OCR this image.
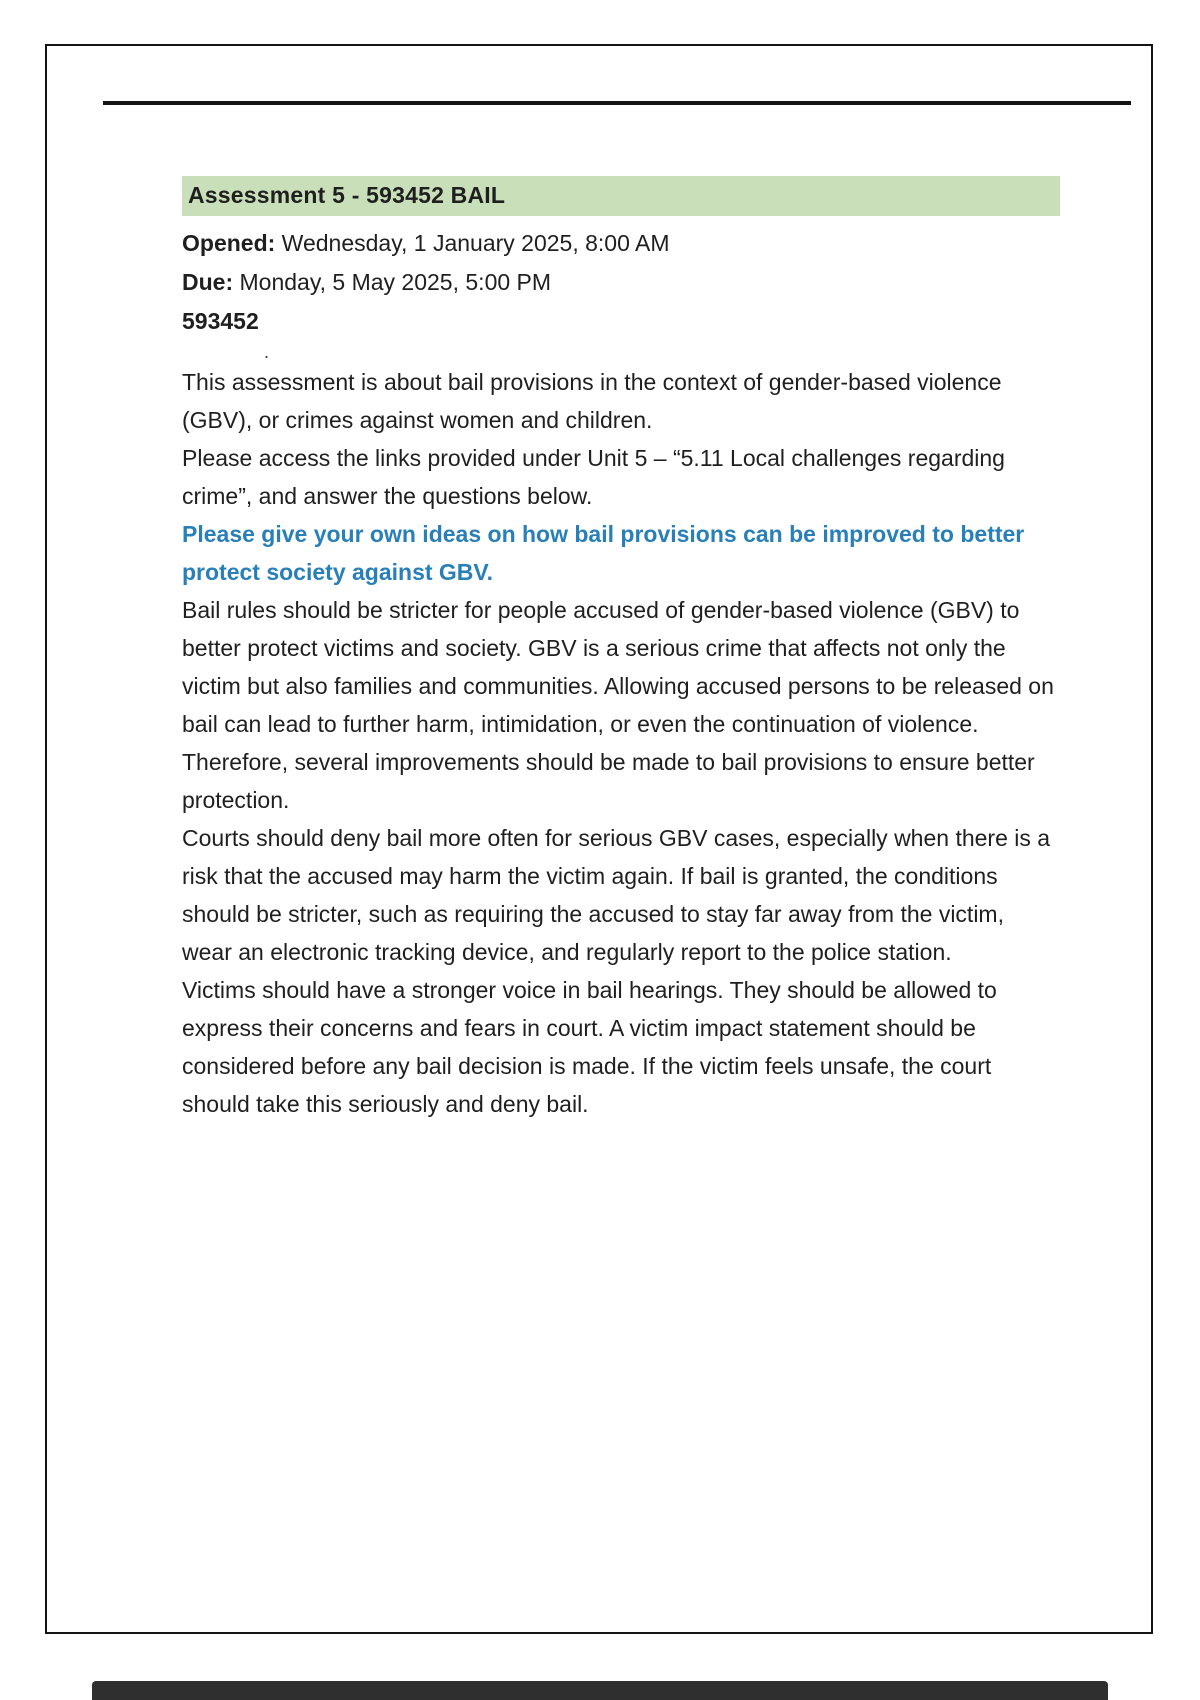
Assessment 5 - 593452 BAIL

Opened: Wednesday, 1 January 2025, 8:00 AM

Due: Monday, 5 May 2025, 5:00 PM

593452

.

This assessment is about bail provisions in the context of gender-based violence (GBV), or crimes against women and children.

Please access the links provided under Unit 5 – “5.11 Local challenges regarding crime”, and answer the questions below.

Please give your own ideas on how bail provisions can be improved to better protect society against GBV.

Bail rules should be stricter for people accused of gender-based violence (GBV) to better protect victims and society. GBV is a serious crime that affects not only the victim but also families and communities. Allowing accused persons to be released on bail can lead to further harm, intimidation, or even the continuation of violence. Therefore, several improvements should be made to bail provisions to ensure better protection.

Courts should deny bail more often for serious GBV cases, especially when there is a risk that the accused may harm the victim again. If bail is granted, the conditions should be stricter, such as requiring the accused to stay far away from the victim, wear an electronic tracking device, and regularly report to the police station.

Victims should have a stronger voice in bail hearings. They should be allowed to express their concerns and fears in court. A victim impact statement should be considered before any bail decision is made. If the victim feels unsafe, the court should take this seriously and deny bail.
